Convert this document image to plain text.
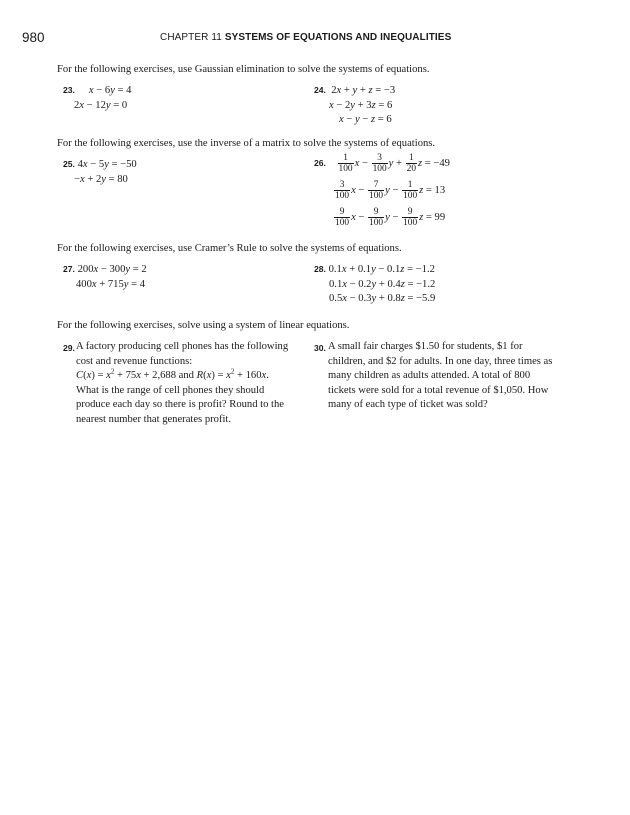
980	CHAPTER 11 SYSTEMS OF EQUATIONS AND INEQUALITIES
For the following exercises, use Gaussian elimination to solve the systems of equations.
23. x − 6y = 4
2x − 12y = 0
24.  2x + y + z = −3
x − 2y + 3z = 6
x − y − z = 6
For the following exercises, use the inverse of a matrix to solve the systems of equations.
25. 4x − 5y = −50
−x + 2y = 80
26. $\frac{1}{100}$ $x - \frac{3}{100}$ $y + \frac{1}{20}$ z = −49
$\frac{3}{100}$ $x - \frac{7}{100}$ $y - \frac{1}{100}$ z = 13
$\frac{9}{100}$ $x - \frac{9}{100}$ $y - \frac{9}{100}$ z = 99
For the following exercises, use Cramer’s Rule to solve the systems of equations.
27. 200x − 300y = 2
400x + 715y = 4
28. 0.1x + 0.1y − 0.1z = −1.2
0.1x − 0.2y + 0.4z = −1.2
0.5x − 0.3y + 0.8z = −5.9
For the following exercises, solve using a system of linear equations.
29. A factory producing cell phones has the following cost and revenue functions:
$C(x) = x^2 + 75x + 2,688$ and $R(x) = x^2 + 160x$.
What is the range of cell phones they should produce each day so there is profit? Round to the nearest number that generates profit.
30. A small fair charges $1.50 for students, $1 for children, and $2 for adults. In one day, three times as many children as adults attended. A total of 800 tickets were sold for a total revenue of $1,050. How many of each type of ticket was sold?
